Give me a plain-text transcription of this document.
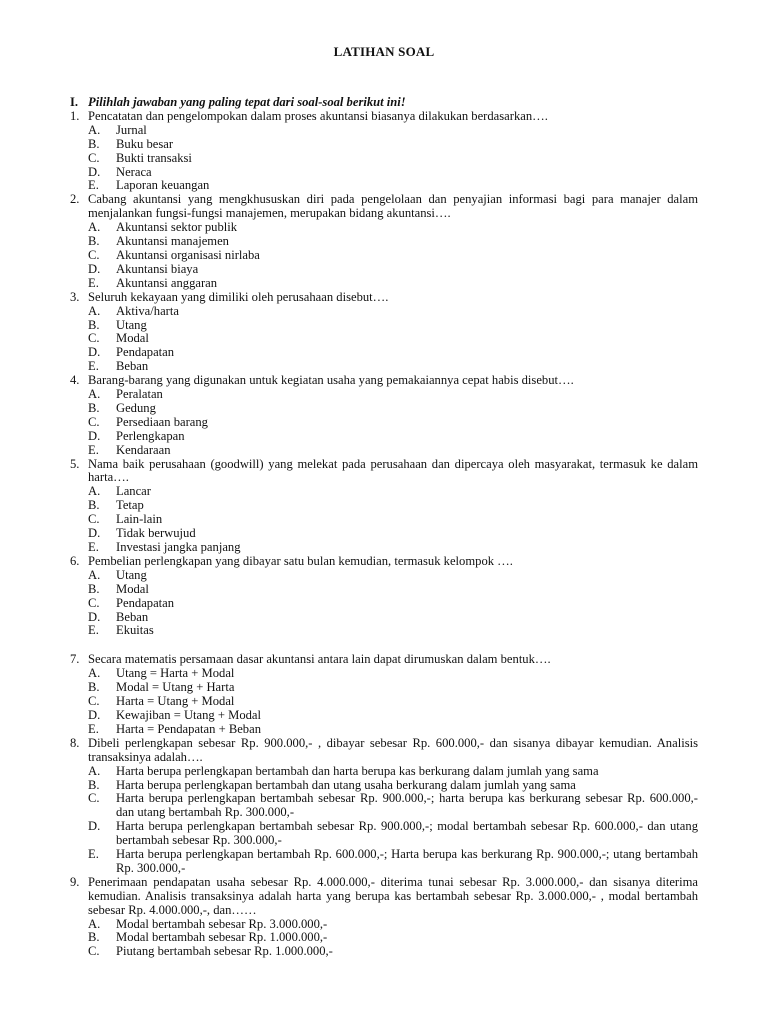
LATIHAN SOAL
I. Pilihlah jawaban yang paling tepat dari soal-soal berikut ini!
1. Pencatatan dan pengelompokan dalam proses akuntansi biasanya dilakukan berdasarkan….
A. Jurnal
B. Buku besar
C. Bukti transaksi
D. Neraca
E. Laporan keuangan
2. Cabang akuntansi yang mengkhususkan diri pada pengelolaan dan penyajian informasi bagi para manajer dalam menjalankan fungsi-fungsi manajemen, merupakan bidang akuntansi….
A. Akuntansi sektor publik
B. Akuntansi manajemen
C. Akuntansi organisasi nirlaba
D. Akuntansi biaya
E. Akuntansi anggaran
3. Seluruh kekayaan yang dimiliki oleh perusahaan disebut….
A. Aktiva/harta
B. Utang
C. Modal
D. Pendapatan
E. Beban
4. Barang-barang yang digunakan untuk kegiatan usaha yang pemakaiannya cepat habis disebut….
A. Peralatan
B. Gedung
C. Persediaan barang
D. Perlengkapan
E. Kendaraan
5. Nama baik perusahaan (goodwill) yang melekat pada perusahaan dan dipercaya oleh masyarakat, termasuk ke dalam harta….
A. Lancar
B. Tetap
C. Lain-lain
D. Tidak berwujud
E. Investasi jangka panjang
6. Pembelian perlengkapan yang dibayar satu bulan kemudian, termasuk kelompok ….
A. Utang
B. Modal
C. Pendapatan
D. Beban
E. Ekuitas
7. Secara matematis persamaan dasar akuntansi antara lain dapat dirumuskan dalam bentuk….
A. Utang = Harta + Modal
B. Modal = Utang + Harta
C. Harta = Utang + Modal
D. Kewajiban = Utang + Modal
E. Harta = Pendapatan + Beban
8. Dibeli perlengkapan sebesar Rp. 900.000,- , dibayar sebesar Rp. 600.000,- dan sisanya dibayar kemudian. Analisis transaksinya adalah….
A. Harta berupa perlengkapan bertambah dan harta berupa kas berkurang dalam jumlah yang sama
B. Harta berupa perlengkapan bertambah dan utang usaha berkurang dalam jumlah yang sama
C. Harta berupa perlengkapan bertambah sebesar Rp. 900.000,-; harta berupa kas berkurang sebesar Rp. 600.000,- dan utang bertambah Rp. 300.000,-
D. Harta berupa perlengkapan bertambah sebesar Rp. 900.000,-; modal bertambah sebesar Rp. 600.000,- dan utang bertambah sebesar Rp. 300.000,-
E. Harta berupa perlengkapan bertambah Rp. 600.000,-; Harta berupa kas berkurang Rp. 900.000,-; utang bertambah Rp. 300.000,-
9. Penerimaan pendapatan usaha sebesar Rp. 4.000.000,- diterima tunai sebesar Rp. 3.000.000,- dan sisanya diterima kemudian. Analisis transaksinya adalah harta yang berupa kas bertambah sebesar Rp. 3.000.000,- , modal bertambah sebesar Rp. 4.000.000,-, dan……
A. Modal bertambah sebesar Rp. 3.000.000,-
B. Modal bertambah sebesar Rp. 1.000.000,-
C. Piutang bertambah sebesar Rp. 1.000.000,-
